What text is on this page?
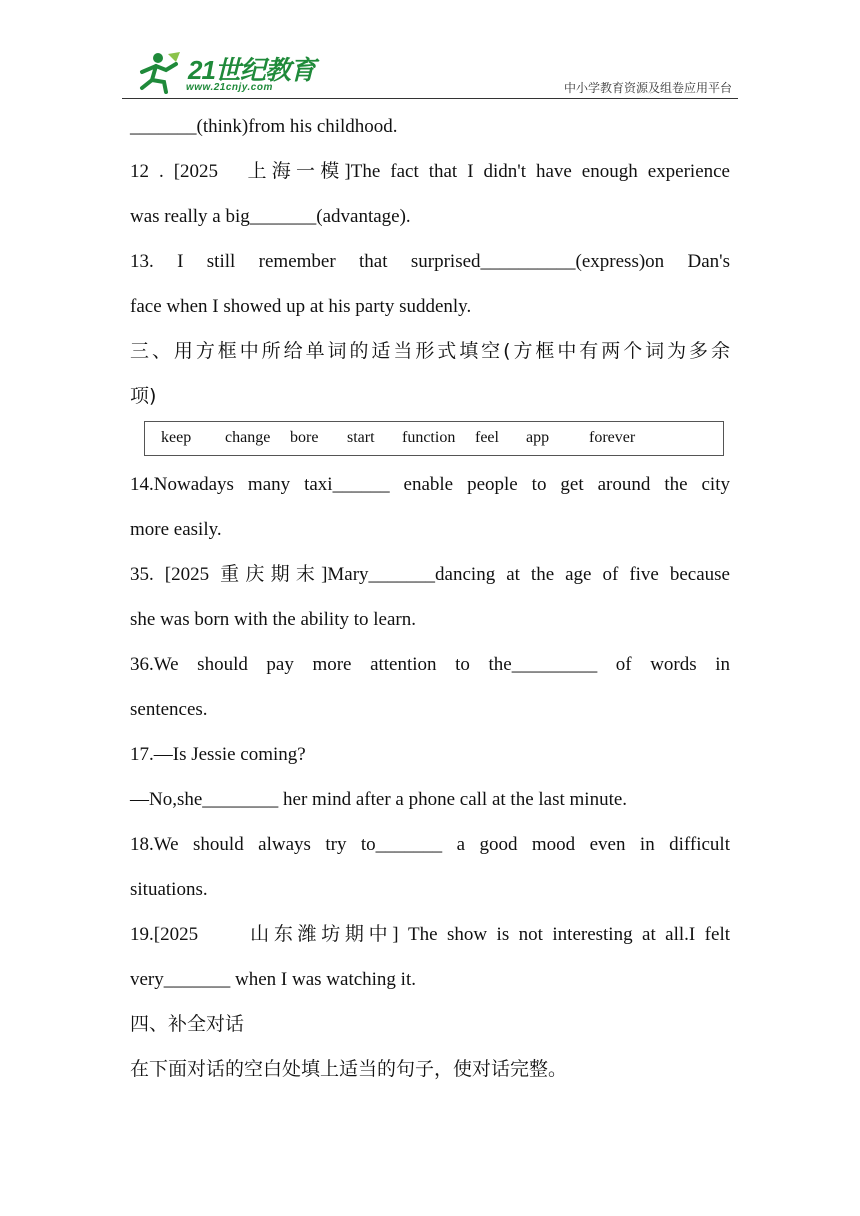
21世纪教育
www.21cnjy.com	中小学教育资源及组卷应用平台
_______(think)from his childhood.
12 . [2025　上海一模]The fact that I didn't have enough experience
was really a big_______(advantage).
13. I still remember that surprised__________(express)on Dan's
face when I showed up at his party suddenly.
三、用方框中所给单词的适当形式填空(方框中有两个词为多余
项)
keep change bore start function feel app forever
14.Nowadays many taxi______ enable people to get around the city
more easily.
35. [2025 重庆期末]Mary_______dancing at the age of five because
she was born with the ability to learn.
36.We should pay more attention to the_________ of words in
sentences.
17.—Is Jessie coming?
—No,she________ her mind after a phone call at the last minute.
18.We should always try to_______ a good mood even in difficult
situations.
19.[2025　　山东潍坊期中] The show is not interesting at all.I felt
very_______ when I was watching it.
四、补全对话
在下面对话的空白处填上适当的句子，使对话完整。
